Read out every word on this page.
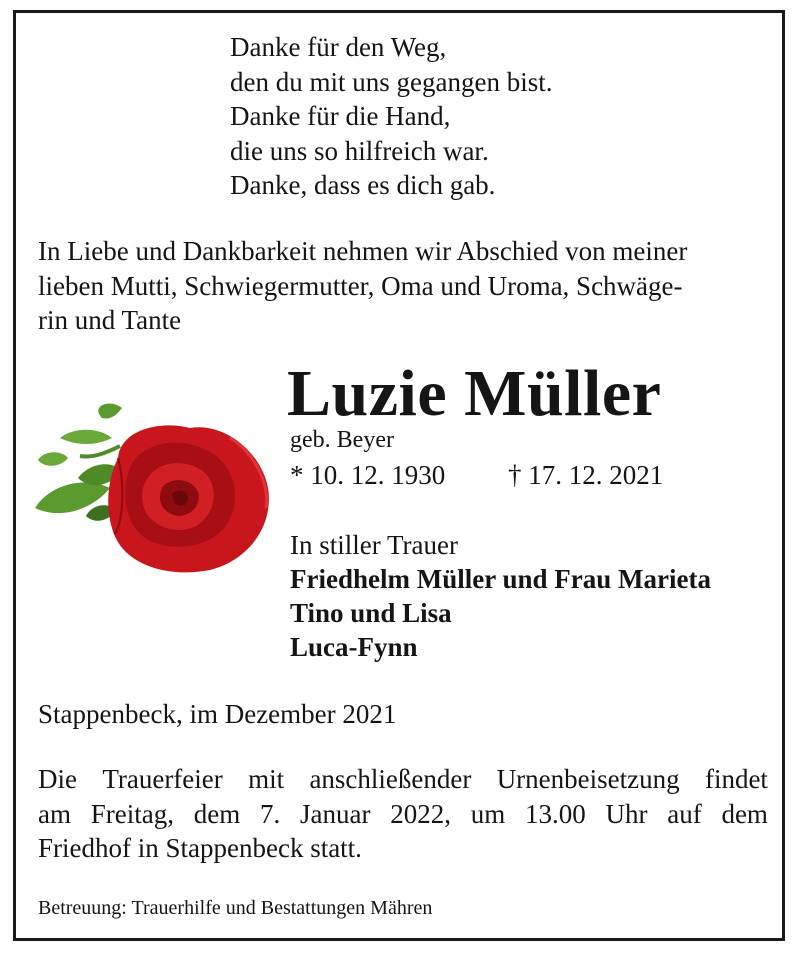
Danke für den Weg,
den du mit uns gegangen bist.
Danke für die Hand,
die uns so hilfreich war.
Danke, dass es dich gab.
In Liebe und Dankbarkeit nehmen wir Abschied von meiner
lieben Mutti, Schwiegermutter, Oma und Uroma, Schwäge-
rin und Tante
Luzie Müller
geb. Beyer
* 10. 12. 1930 † 17. 12. 2021
In stiller Trauer
Friedhelm Müller und Frau Marieta
Tino und Lisa
Luca-Fynn
Stappenbeck, im Dezember 2021
Die Trauerfeier mit anschließender Urnenbeisetzung findet
am Freitag, dem 7. Januar 2022, um 13.00 Uhr auf dem
Friedhof in Stappenbeck statt.
Betreuung: Trauerhilfe und Bestattungen Mähren
